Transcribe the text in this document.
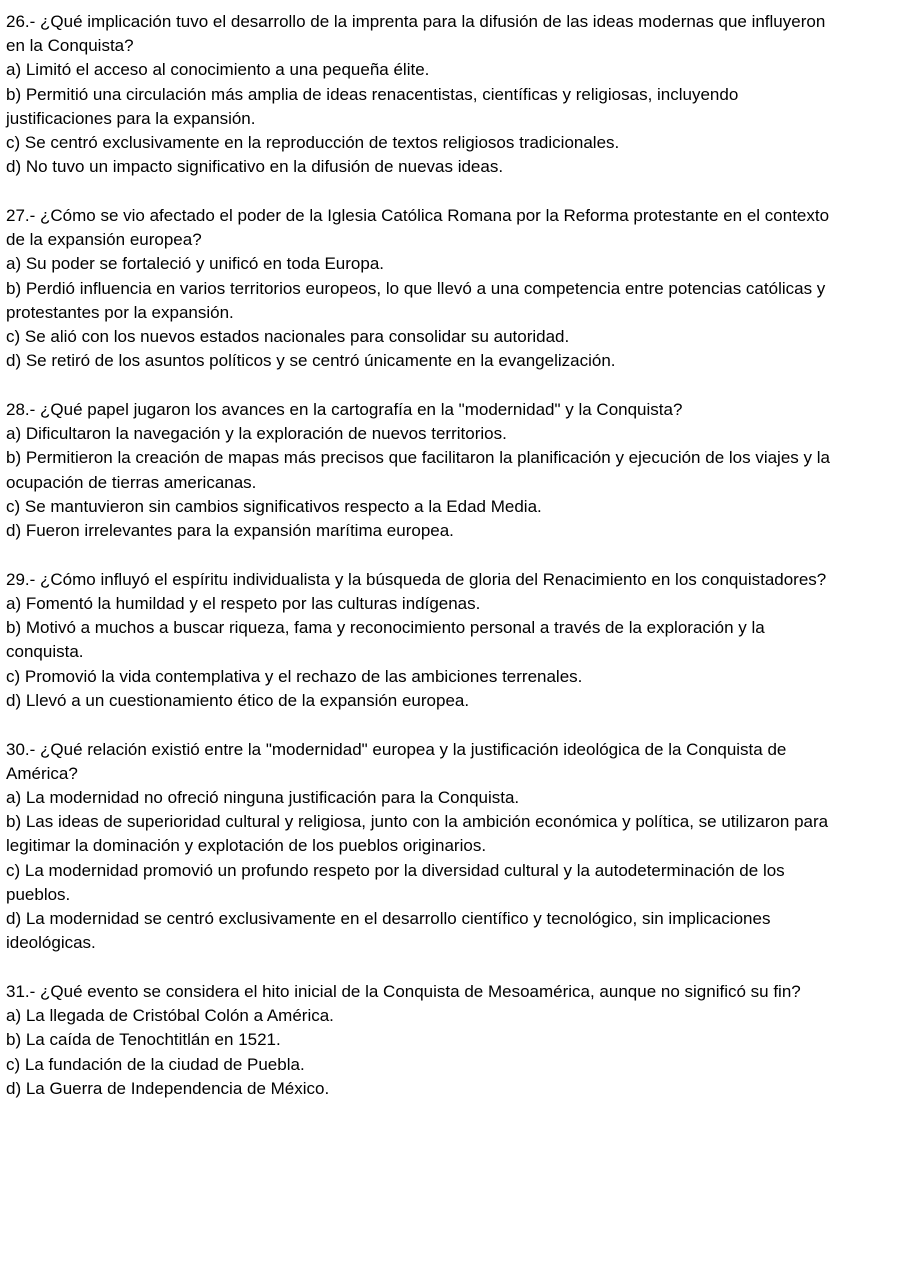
26.- ¿Qué implicación tuvo el desarrollo de la imprenta para la difusión de las ideas modernas que influyeron en la Conquista?

a) Limitó el acceso al conocimiento a una pequeña élite.

b) Permitió una circulación más amplia de ideas renacentistas, científicas y religiosas, incluyendo justificaciones para la expansión.

c) Se centró exclusivamente en la reproducción de textos religiosos tradicionales.

d) No tuvo un impacto significativo en la difusión de nuevas ideas.

27.- ¿Cómo se vio afectado el poder de la Iglesia Católica Romana por la Reforma protestante en el contexto de la expansión europea?

a) Su poder se fortaleció y unificó en toda Europa.

b) Perdió influencia en varios territorios europeos, lo que llevó a una competencia entre potencias católicas y protestantes por la expansión.

c) Se alió con los nuevos estados nacionales para consolidar su autoridad.

d) Se retiró de los asuntos políticos y se centró únicamente en la evangelización.

28.- ¿Qué papel jugaron los avances en la cartografía en la "modernidad" y la Conquista?

a) Dificultaron la navegación y la exploración de nuevos territorios.

b) Permitieron la creación de mapas más precisos que facilitaron la planificación y ejecución de los viajes y la ocupación de tierras americanas.

c) Se mantuvieron sin cambios significativos respecto a la Edad Media.

d) Fueron irrelevantes para la expansión marítima europea.

29.- ¿Cómo influyó el espíritu individualista y la búsqueda de gloria del Renacimiento en los conquistadores?

a) Fomentó la humildad y el respeto por las culturas indígenas.

b) Motivó a muchos a buscar riqueza, fama y reconocimiento personal a través de la exploración y la conquista.

c) Promovió la vida contemplativa y el rechazo de las ambiciones terrenales.

d) Llevó a un cuestionamiento ético de la expansión europea.

30.- ¿Qué relación existió entre la "modernidad" europea y la justificación ideológica de la Conquista de América?

a) La modernidad no ofreció ninguna justificación para la Conquista.

b) Las ideas de superioridad cultural y religiosa, junto con la ambición económica y política, se utilizaron para legitimar la dominación y explotación de los pueblos originarios.

c) La modernidad promovió un profundo respeto por la diversidad cultural y la autodeterminación de los pueblos.

d) La modernidad se centró exclusivamente en el desarrollo científico y tecnológico, sin implicaciones ideológicas.

31.- ¿Qué evento se considera el hito inicial de la Conquista de Mesoamérica, aunque no significó su fin?

a) La llegada de Cristóbal Colón a América.

b) La caída de Tenochtitlán en 1521.

c) La fundación de la ciudad de Puebla.

d) La Guerra de Independencia de México.
